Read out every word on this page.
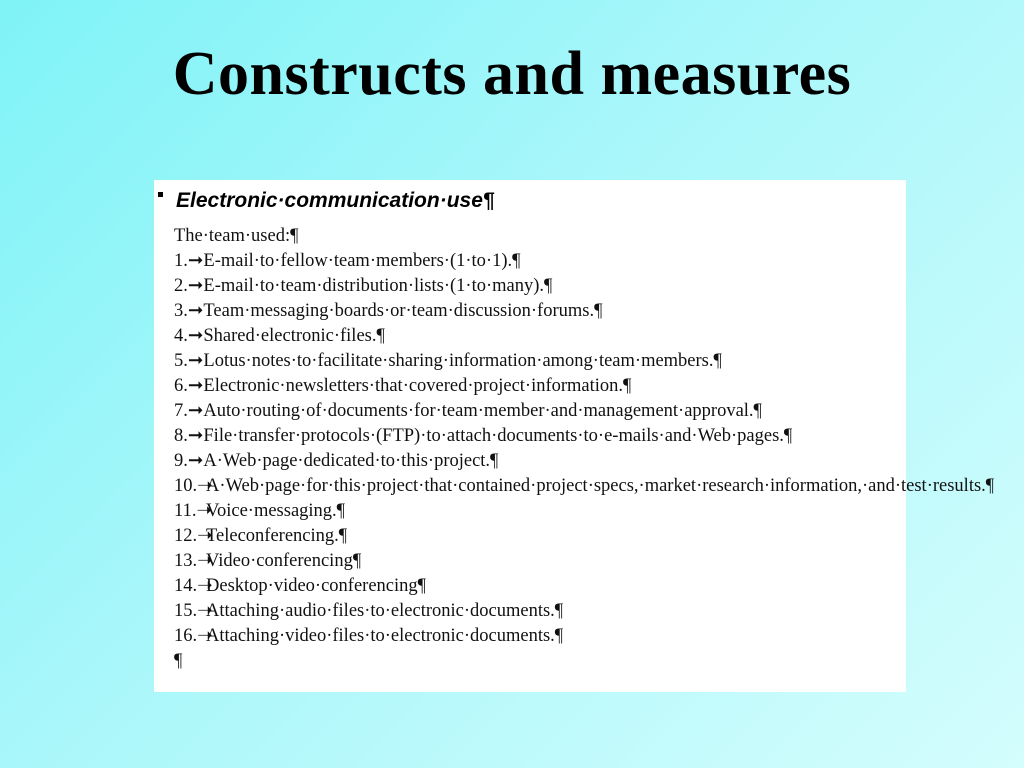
Constructs and measures
Electronic·communication·use¶
The·team·used:¶
1.➞ E-mail·to·fellow·team·members·(1·to·1).¶
2.➞ E-mail·to·team·distribution·lists·(1·to·many).¶
3.➞ Team·messaging·boards·or·team·discussion·forums.¶
4.➞ Shared·electronic·files.¶
5.➞ Lotus·notes·to·facilitate·sharing·information·among·team·members.¶
6.➞ Electronic·newsletters·that·covered·project·information.¶
7.➞ Auto·routing·of·documents·for·team·member·and·management·approval.¶
8.➞ File·transfer·protocols·(FTP)·to·attach·documents·to·e-mails·and·Web·pages.¶
9.➞ A·Web·page·dedicated·to·this·project.¶
10.➝
A·Web·page·for·this·project·that·contained·project·specs,·market·research·information,·and·test·results.¶
11.➝
Voice·messaging.¶
12.➝
Teleconferencing.¶
13.➝
Video·conferencing¶
14.➝
Desktop·video·conferencing¶
15.➝
Attaching·audio·files·to·electronic·documents.¶
16.➝
Attaching·video·files·to·electronic·documents.¶
¶
